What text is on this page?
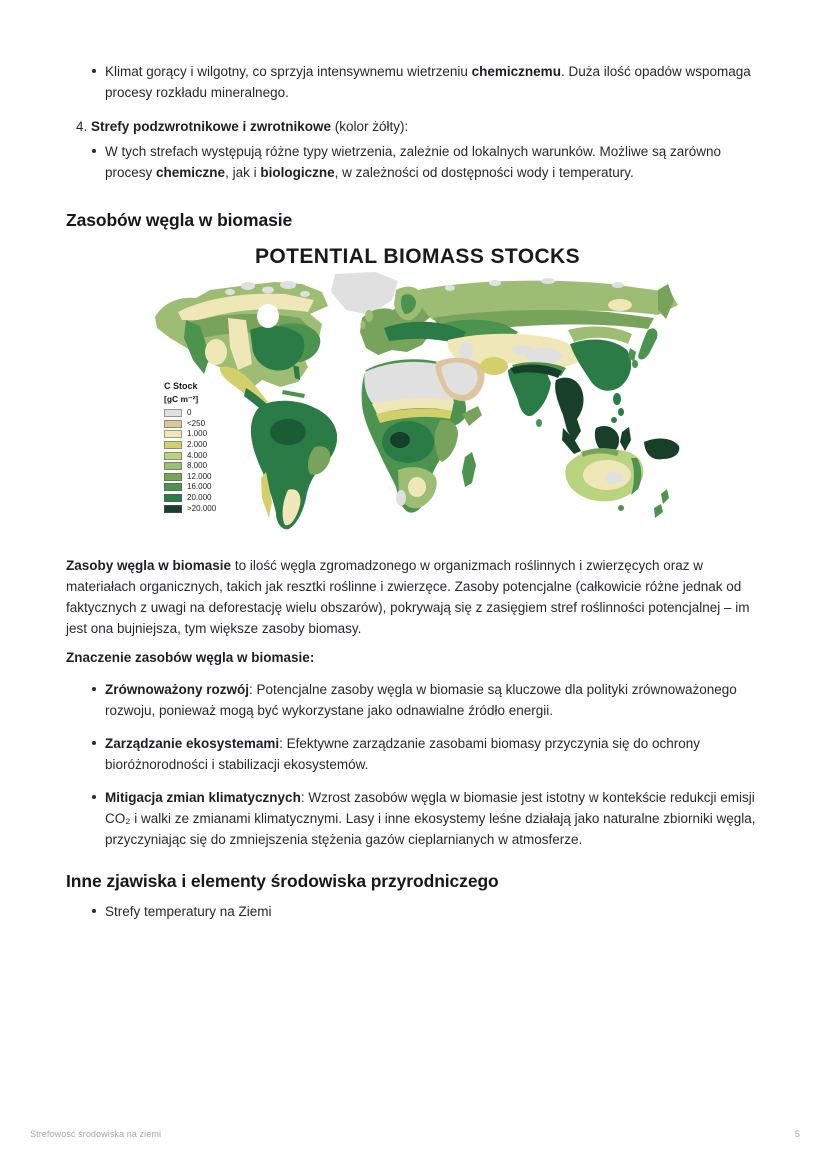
Klimat gorący i wilgotny, co sprzyja intensywnemu wietrzeniu chemicznemu. Duża ilość opadów wspomaga procesy rozkładu mineralnego.
4. Strefy podzwrotnikowe i zwrotnikowe (kolor żółty):
W tych strefach występują różne typy wietrzenia, zależnie od lokalnych warunków. Możliwe są zarówno procesy chemiczne, jak i biologiczne, w zależności od dostępności wody i temperatury.
Zasobów węgla w biomasie
POTENTIAL BIOMASS STOCKS
C Stock
[gC m⁻²]
0
<250
1.000
2.000
4.000
8.000
12.000
16.000
20.000
>20.000

Zasoby węgla w biomasie to ilość węgla zgromadzonego w organizmach roślinnych i zwierzęcych oraz w materiałach organicznych, takich jak resztki roślinne i zwierzęce. Zasoby potencjalne (całkowicie różne jednak od faktycznych z uwagi na deforestację wielu obszarów), pokrywają się z zasięgiem stref roślinności potencjalnej – im jest ona bujniejsza, tym większe zasoby biomasy.

Znaczenie zasobów węgla w biomasie:

Zrównoważony rozwój: Potencjalne zasoby węgla w biomasie są kluczowe dla polityki zrównoważonego rozwoju, ponieważ mogą być wykorzystane jako odnawialne źródło energii.
Zarządzanie ekosystemami: Efektywne zarządzanie zasobami biomasy przyczynia się do ochrony bioróżnorodności i stabilizacji ekosystemów.
Mitigacja zmian klimatycznych: Wzrost zasobów węgla w biomasie jest istotny w kontekście redukcji emisji CO₂ i walki ze zmianami klimatycznymi. Lasy i inne ekosystemy leśne działają jako naturalne zbiorniki węgla, przyczyniając się do zmniejszenia stężenia gazów cieplarnianych w atmosferze.
Inne zjawiska i elementy środowiska przyrodniczego
Strefy temperatury na Ziemi
Strefowość środowiska na ziemi	5
